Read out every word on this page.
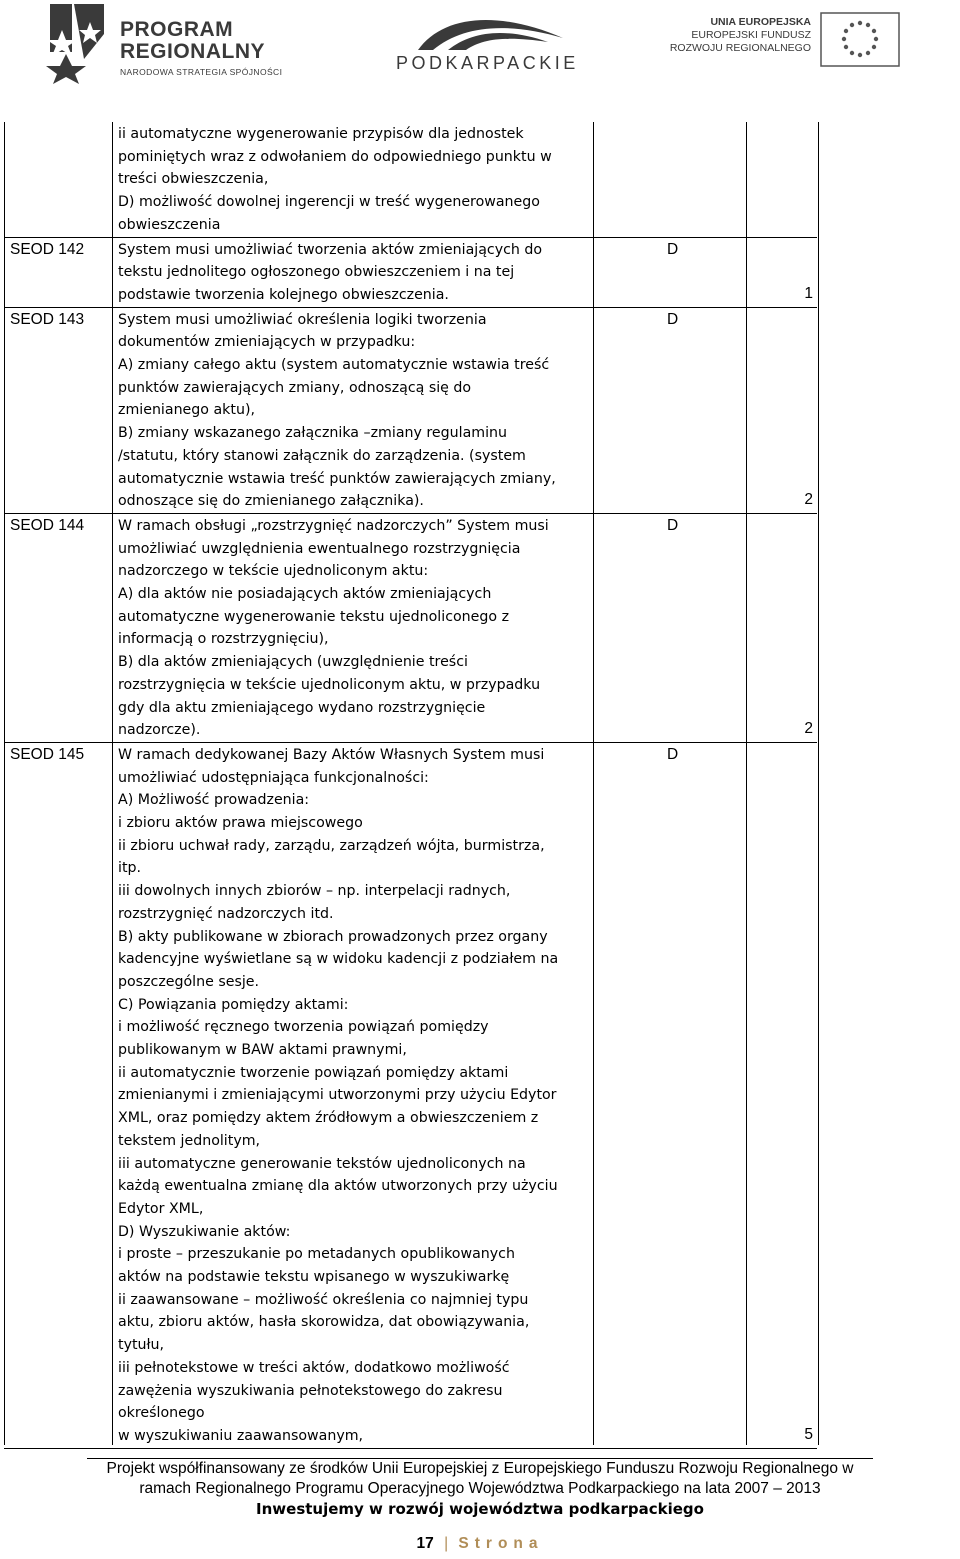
PROGRAM
REGIONALNY
NARODOWA STRATEGIA SPÓJNOŚCI	PODKARPACKIE
UNIA EUROPEJSKA
EUROPEJSKI FUNDUSZ
ROZWOJU REGIONALNEGO
ii automatyczne wygenerowanie przypisów dla jednostek
pominiętych wraz z odwołaniem do odpowiedniego punktu w
treści obwieszczenia,
D) możliwość dowolnej ingerencji w treść wygenerowanego
obwieszczenia
SEOD 142 System musi umożliwiać tworzenia aktów zmieniających do
tekstu jednolitego ogłoszonego obwieszczeniem i na tej
podstawie tworzenia kolejnego obwieszczenia.
D
1
SEOD 143 System musi umożliwiać określenia logiki tworzenia
dokumentów zmieniających w przypadku:
A) zmiany całego aktu (system automatycznie wstawia treść
punktów zawierających zmiany, odnoszącą się do
zmienianego aktu),
B) zmiany wskazanego załącznika –zmiany regulaminu
/statutu, który stanowi załącznik do zarządzenia. (system
automatycznie wstawia treść punktów zawierających zmiany,
odnoszące się do zmienianego załącznika).
D
2
SEOD 144 W ramach obsługi „rozstrzygnięć nadzorczych” System musi
umożliwiać uwzględnienia ewentualnego rozstrzygnięcia
nadzorczego w tekście ujednoliconym aktu:
A) dla aktów nie posiadających aktów zmieniających
automatyczne wygenerowanie tekstu ujednoliconego z
informacją o rozstrzygnięciu),
B) dla aktów zmieniających (uwzględnienie treści
rozstrzygnięcia w tekście ujednoliconym aktu, w przypadku
gdy dla aktu zmieniającego wydano rozstrzygnięcie
nadzorcze).
D
2
SEOD 145 W ramach dedykowanej Bazy Aktów Własnych System musi
umożliwiać udostępniająca funkcjonalności:
A) Możliwość prowadzenia:
i zbioru aktów prawa miejscowego
ii zbioru uchwał rady, zarządu, zarządzeń wójta, burmistrza,
itp.
iii dowolnych innych zbiorów – np. interpelacji radnych,
rozstrzygnięć nadzorczych itd.
B) akty publikowane w zbiorach prowadzonych przez organy
kadencyjne wyświetlane są w widoku kadencji z podziałem na
poszczególne sesje.
C) Powiązania pomiędzy aktami:
i możliwość ręcznego tworzenia powiązań pomiędzy
publikowanym w BAW aktami prawnymi,
ii automatycznie tworzenie powiązań pomiędzy aktami
zmienianymi i zmieniającymi utworzonymi przy użyciu Edytor
XML, oraz pomiędzy aktem źródłowym a obwieszczeniem z
tekstem jednolitym,
iii automatyczne generowanie tekstów ujednoliconych na
każdą ewentualna zmianę dla aktów utworzonych przy użyciu
Edytor XML,
D) Wyszukiwanie aktów:
i proste – przeszukanie po metadanych opublikowanych
aktów na podstawie tekstu wpisanego w wyszukiwarkę
ii zaawansowane – możliwość określenia co najmniej typu
aktu, zbioru aktów, hasła skorowidza, dat obowiązywania,
tytułu,
iii pełnotekstowe w treści aktów, dodatkowo możliwość
zawężenia wyszukiwania pełnotekstowego do zakresu
określonego
w wyszukiwaniu zaawansowanym,
D
5
Projekt współfinansowany ze środków Unii Europejskiej z Europejskiego Funduszu Rozwoju Regionalnego w
ramach Regionalnego Programu Operacyjnego Województwa Podkarpackiego na lata 2007 – 2013
Inwestujemy w rozwój województwa podkarpackiego
17 | Strona
